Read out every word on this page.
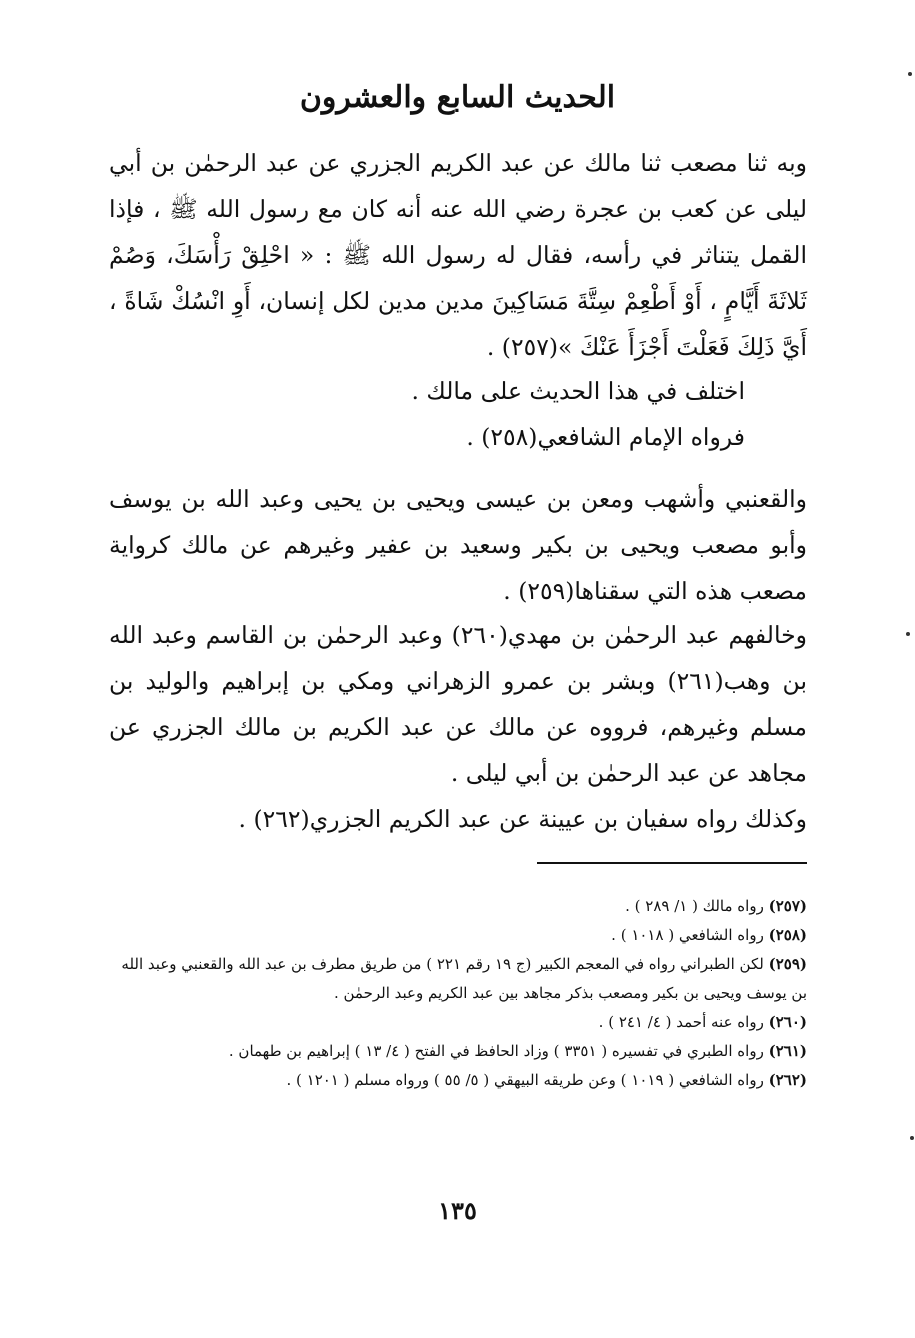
الحديث السابع والعشرون

وبه ثنا مصعب ثنا مالك عن عبد الكريم الجزري عن عبد الرحمٰن بن أبي ليلى عن كعب بن عجرة رضي الله عنه أنه كان مع رسول الله ﷺ ، فإذا القمل يتناثر في رأسه، فقال له رسول الله ﷺ : « احْلِقْ رَأْسَكَ، وَصُمْ ثَلاثَةَ أَيَّامٍ ، أَوْ أَطْعِمْ سِتَّةَ مَسَاكِينَ مدين مدين لكل إنسان، أَوِ انْسُكْ شَاةً ، أَيَّ ذَلِكَ فَعَلْتَ أَجْزَأَ عَنْكَ »(٢٥٧) .

اختلف في هذا الحديث على مالك .
فرواه الإمام الشافعي(٢٥٨) .

والقعنبي وأشهب ومعن بن عيسى ويحيى بن يحيى وعبد الله بن يوسف وأبو مصعب ويحيى بن بكير وسعيد بن عفير وغيرهم عن مالك كرواية مصعب هذه التي سقناها(٢٥٩) .

وخالفهم عبد الرحمٰن بن مهدي(٢٦٠) وعبد الرحمٰن بن القاسم وعبد الله بن وهب(٢٦١) وبشر بن عمرو الزهراني ومكي بن إبراهيم والوليد بن مسلم وغيرهم، فرووه عن مالك عن عبد الكريم بن مالك الجزري عن مجاهد عن عبد الرحمٰن بن أبي ليلى .

وكذلك رواه سفيان بن عيينة عن عبد الكريم الجزري(٢٦٢) .

(٢٥٧) رواه مالك ( ١/ ٢٨٩ ) .
(٢٥٨) رواه الشافعي ( ١٠١٨ ) .
(٢٥٩) لكن الطبراني رواه في المعجم الكبير (ج ١٩ رقم ٢٢١ ) من طريق مطرف بن عبد الله والقعنبي وعبد الله بن يوسف ويحيى بن بكير ومصعب بذكر مجاهد بين عبد الكريم وعبد الرحمٰن .
(٢٦٠) رواه عنه أحمد ( ٤/ ٢٤١ ) .
(٢٦١) رواه الطبري في تفسيره ( ٣٣٥١ ) وزاد الحافظ في الفتح ( ٤/ ١٣ ) إبراهيم بن طهمان .
(٢٦٢) رواه الشافعي ( ١٠١٩ ) وعن طريقه البيهقي ( ٥/ ٥٥ ) ورواه مسلم ( ١٢٠١ ) .
١٣٥
